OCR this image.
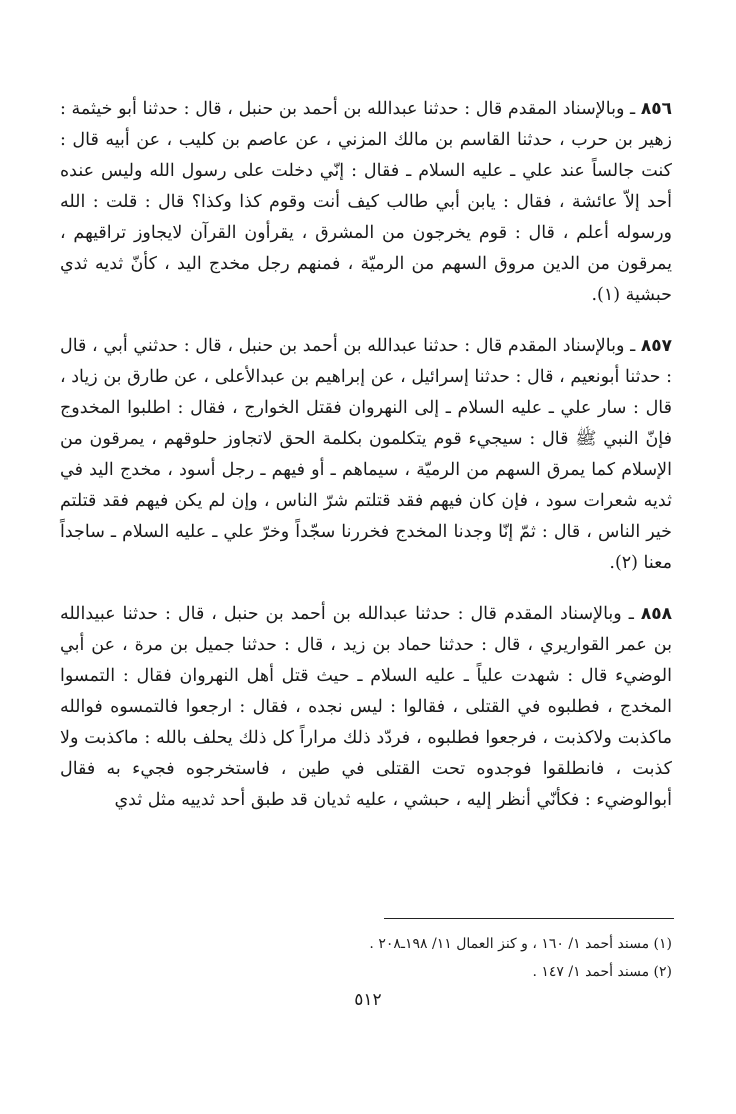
٨٥٦ ـ وبالإسناد المقدم قال : حدثنا عبدالله بن أحمد بن حنبل ، قال : حدثنا أبو خيثمة : زهير بن حرب ، حدثنا القاسم بن مالك المزني ، عن عاصم بن كليب ، عن أبيه قال : كنت جالساً عند علي ـ عليه السلام ـ فقال : إنّي دخلت على رسول الله وليس عنده أحد إلاّ عائشة ، فقال : يابن أبي طالب كيف أنت وقوم كذا وكذا؟ قال : قلت : الله ورسوله أعلم ، قال : قوم يخرجون من المشرق ، يقرأون القرآن لايجاوز تراقيهم ، يمرقون من الدين مروق السهم من الرميّة ، فمنهم رجل مخدج اليد ، كأنّ ثديه ثدي حبشية (١).

٨٥٧ ـ وبالإسناد المقدم قال : حدثنا عبدالله بن أحمد بن حنبل ، قال : حدثني أبي ، قال : حدثنا أبونعيم ، قال : حدثنا إسرائيل ، عن إبراهيم بن عبدالأعلى ، عن طارق بن زياد ، قال : سار علي ـ عليه السلام ـ إلى النهروان فقتل الخوارج ، فقال : اطلبوا المخدوج فإنّ النبي ﷺ قال : سيجيء قوم يتكلمون بكلمة الحق لاتجاوز حلوقهم ، يمرقون من الإسلام كما يمرق السهم من الرميّة ، سيماهم ـ أو فيهم ـ رجل أسود ، مخدج اليد في ثديه شعرات سود ، فإن كان فيهم فقد قتلتم شرّ الناس ، وإن لم يكن فيهم فقد قتلتم خير الناس ، قال : ثمّ إنّا وجدنا المخدج فخررنا سجّداً وخرّ علي ـ عليه السلام ـ ساجداً معنا (٢).

٨٥٨ ـ وبالإسناد المقدم قال : حدثنا عبدالله بن أحمد بن حنبل ، قال : حدثنا عبيدالله بن عمر القواريري ، قال : حدثنا حماد بن زيد ، قال : حدثنا جميل بن مرة ، عن أبي الوضيء قال : شهدت علياً ـ عليه السلام ـ حيث قتل أهل النهروان فقال : التمسوا المخدج ، فطلبوه في القتلى ، فقالوا : ليس نجده ، فقال : ارجعوا فالتمسوه فوالله ماكذبت ولاكذبت ، فرجعوا فطلبوه ، فردّد ذلك مراراً كل ذلك يحلف بالله : ماكذبت ولا كذبت ، فانطلقوا فوجدوه تحت القتلى في طين ، فاستخرجوه فجيء به فقال أبوالوضيء : فكأنّي أنظر إليه ، حبشي ، عليه ثديان قد طبق أحد ثدييه مثل ثدي

(١) مسند أحمد ١/ ١٦٠ ، و كنز العمال ١١/ ١٩٨ـ٢٠٨ .
(٢) مسند أحمد ١/ ١٤٧ .
٥١٢
